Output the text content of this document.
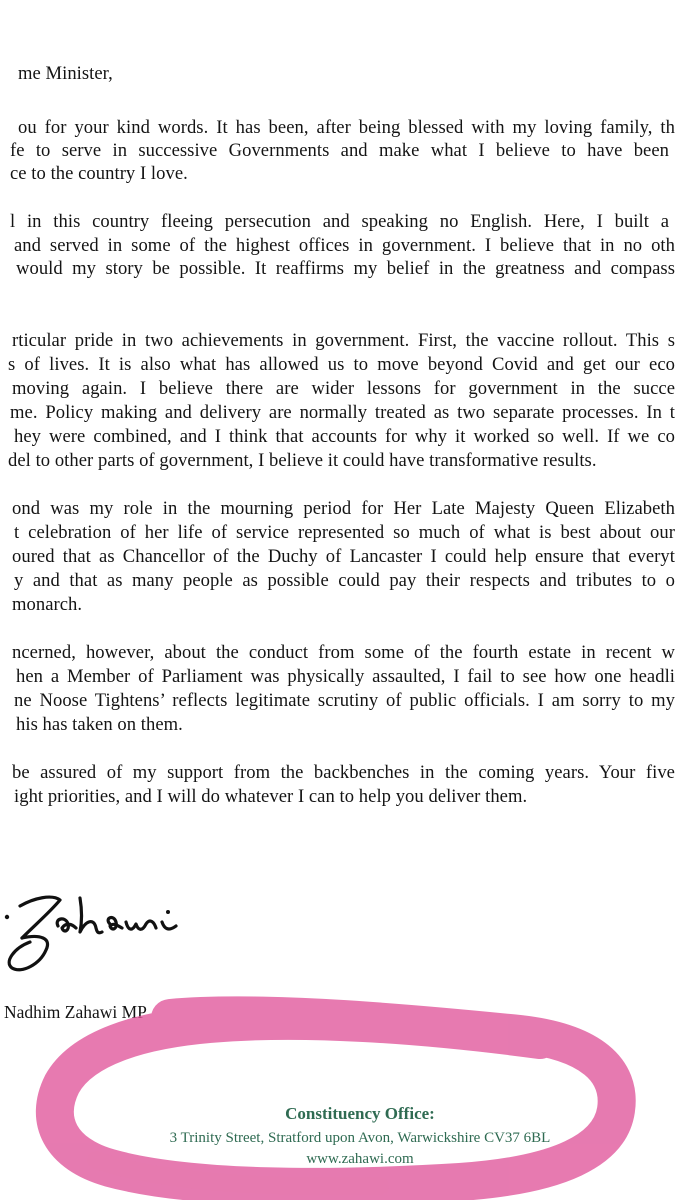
me Minister,
ou for your kind words. It has been, after being blessed with my loving family, th
fe to serve in successive Governments and make what I believe to have been
ce to the country I love.
l in this country fleeing persecution and speaking no English. Here, I built a
and served in some of the highest offices in government. I believe that in no oth
would my story be possible. It reaffirms my belief in the greatness and compass
rticular pride in two achievements in government. First, the vaccine rollout. This s
s of lives. It is also what has allowed us to move beyond Covid and get our eco
moving again. I believe there are wider lessons for government in the succe
me. Policy making and delivery are normally treated as two separate processes. In t
hey were combined, and I think that accounts for why it worked so well. If we co
del to other parts of government, I believe it could have transformative results.
ond was my role in the mourning period for Her Late Majesty Queen Elizabeth
t celebration of her life of service represented so much of what is best about our
oured that as Chancellor of the Duchy of Lancaster I could help ensure that everyt
y and that as many people as possible could pay their respects and tributes to o
monarch.
ncerned, however, about the conduct from some of the fourth estate in recent w
hen a Member of Parliament was physically assaulted, I fail to see how one headli
ne Noose Tightens’ reflects legitimate scrutiny of public officials. I am sorry to my
his has taken on them.
be assured of my support from the backbenches in the coming years. Your five
ight priorities, and I will do whatever I can to help you deliver them.
Nadhim Zahawi MP
Constituency Office:
3 Trinity Street, Stratford upon Avon, Warwickshire CV37 6BL
www.zahawi.com
